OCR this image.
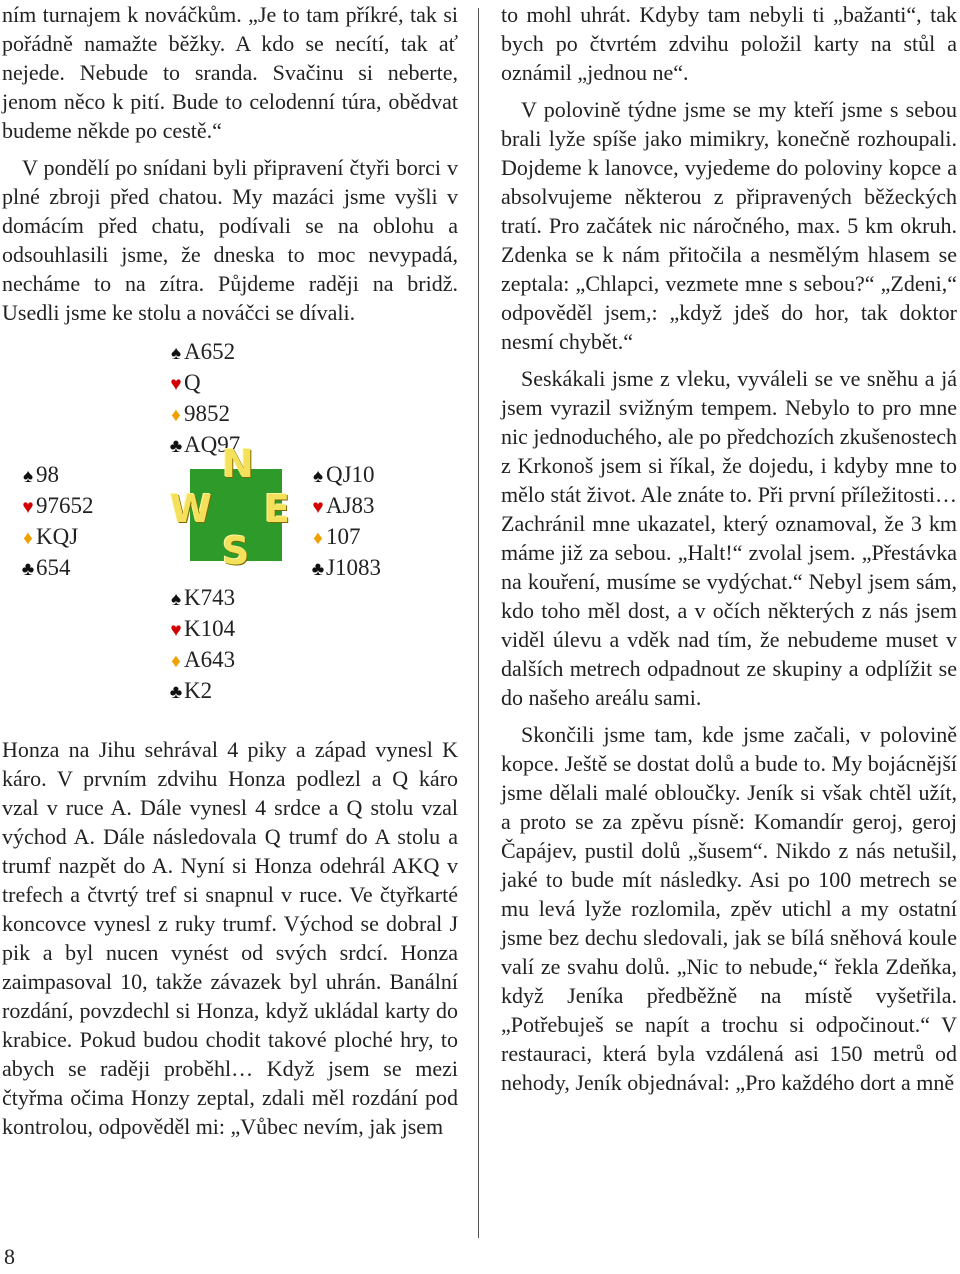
ním turnajem k nováčkům. „Je to tam příkré, tak si pořádně namažte běžky. A kdo se necítí, tak ať nejede. Nebude to sranda. Svačinu si neberte, jenom něco k pití. Bude to celodenní túra, obědvat budeme někde po cestě.“

V pondělí po snídani byli připravení čtyři borci v plné zbroji před chatou. My mazáci jsme vyšli v domácím před chatu, podívali se na oblohu a odsouhlasili jsme, že dneska to moc nevypadá, necháme to na zítra. Půjdeme raději na bridž. Usedli jsme ke stolu a nováčci se dívali.

♠ A652
♥ Q
♦ 9852
♣AQ97
♠ 98
♥ 97652
♦ KQJ
♣654
N
W E
S
♠ QJ10
♥ AJ83
♦ 107
♣J1083
♠ K743
♥ K104
♦ A643
♣K2

Honza na Jihu sehrával 4 piky a západ vynesl K káro. V prvním zdvihu Honza podlezl a Q káro vzal v ruce A. Dále vynesl 4 srdce a Q stolu vzal východ A. Dále následovala Q trumf do A stolu a trumf nazpět do A. Nyní si Honza odehrál AKQ v trefech a čtvrtý tref si snapnul v ruce. Ve čtyřkarté koncovce vynesl z ruky trumf. Východ se dobral J pik a byl nucen vynést od svých srdcí. Honza zaimpasoval 10, takže závazek byl uhrán. Banální rozdání, povzdechl si Honza, když ukládal karty do krabice. Pokud budou chodit takové ploché hry, to abych se raději proběhl… Když jsem se mezi čtyřma očima Honzy zeptal, zdali měl rozdání pod kontrolou, odpověděl mi: „Vůbec nevím, jak jsem

to mohl uhrát. Kdyby tam nebyli ti „bažanti“, tak bych po čtvrtém zdvihu položil karty na stůl a oznámil „jednou ne“.

V polovině týdne jsme se my kteří jsme s sebou brali lyže spíše jako mimikry, konečně rozhoupali. Dojdeme k lanovce, vyjedeme do poloviny kopce a absolvujeme některou z připravených běžeckých tratí. Pro začátek nic náročného, max. 5 km okruh. Zdenka se k nám přitočila a nesmělým hlasem se zeptala: „Chlapci, vezmete mne s sebou?“ „Zdeni,“ odpověděl jsem,: „když jdeš do hor, tak doktor nesmí chybět.“

Seskákali jsme z vleku, vyváleli se ve sněhu a já jsem vyrazil svižným tempem. Nebylo to pro mne nic jednoduchého, ale po předchozích zkušenostech z Krkonoš jsem si říkal, že dojedu, i kdyby mne to mělo stát život. Ale znáte to. Při první příležitosti… Zachránil mne ukazatel, který oznamoval, že 3 km máme již za sebou. „Halt!“ zvolal jsem. „Přestávka na kouření, musíme se vydýchat.“ Nebyl jsem sám, kdo toho měl dost, a v očích některých z nás jsem viděl úlevu a vděk nad tím, že nebudeme muset v dalších metrech odpadnout ze skupiny a odplížit se do našeho areálu sami.

Skončili jsme tam, kde jsme začali, v polovině kopce. Ještě se dostat dolů a bude to. My bojácnější jsme dělali malé obloučky. Jeník si však chtěl užít, a proto se za zpěvu písně: Komandír geroj, geroj Čapájev, pustil dolů „šusem“. Nikdo z nás netušil, jaké to bude mít následky. Asi po 100 metrech se mu levá lyže rozlomila, zpěv utichl a my ostatní jsme bez dechu sledovali, jak se bílá sněhová koule valí ze svahu dolů. „Nic to nebude,“ řekla Zdeňka, když Jeníka předběžně na místě vyšetřila. „Potřebuješ se napít a trochu si odpočinout.“ V restauraci, která byla vzdálená asi 150 metrů od nehody, Jeník objednával: „Pro každého dort a mně

8
